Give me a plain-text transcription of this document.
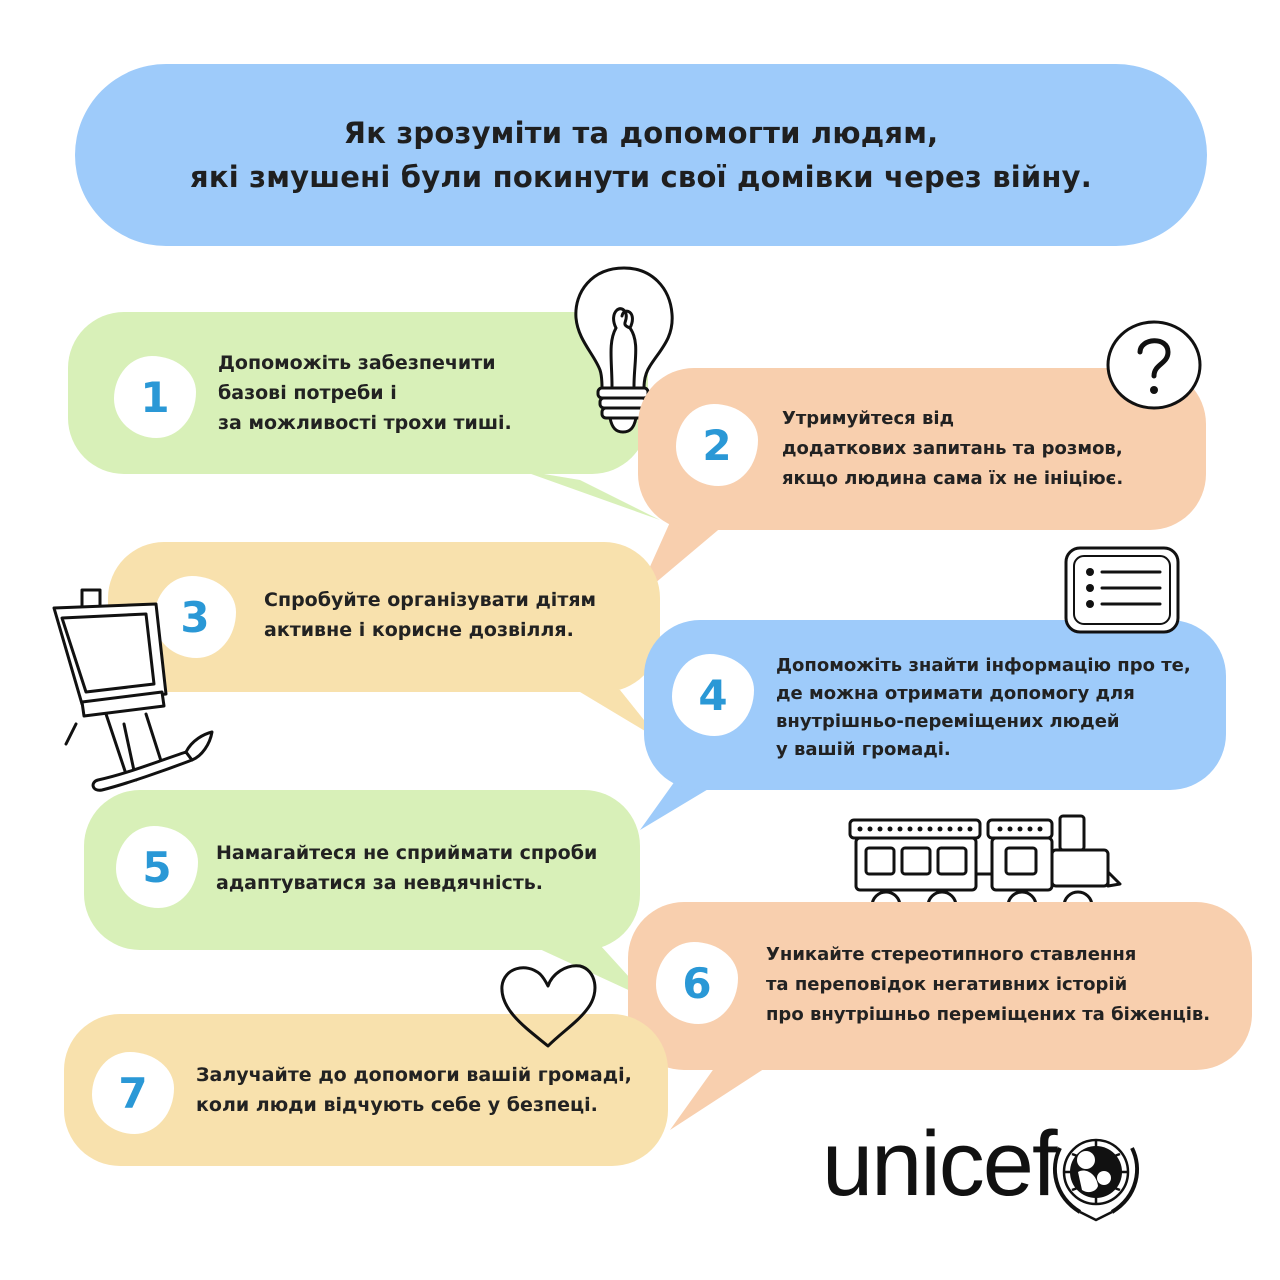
Як зрозуміти та допомогти людям,
які змушені були покинути свої домівки через війну.
1
Допоможіть забезпечити
базові потреби і
за можливості трохи тиші.	2
Утримуйтеся від
додаткових запитань та розмов,
якщо людина сама їх не ініціює.
3	Спробуйте організувати дітям
активне і корисне дозвілля.
4
Допоможіть знайти інформацію про те,
де можна отримати допомогу для
внутрішньо-переміщених людей
у вашій громаді.
5 Намагайтеся не сприймати спроби
адаптуватися за невдячність.
6
Уникайте стереотипного ставлення
та переповідок негативних історій
про внутрішньо переміщених та біженців.
7	Залучайте до допомоги вашій громаді,
коли люди відчують себе у безпеці.
unicef
